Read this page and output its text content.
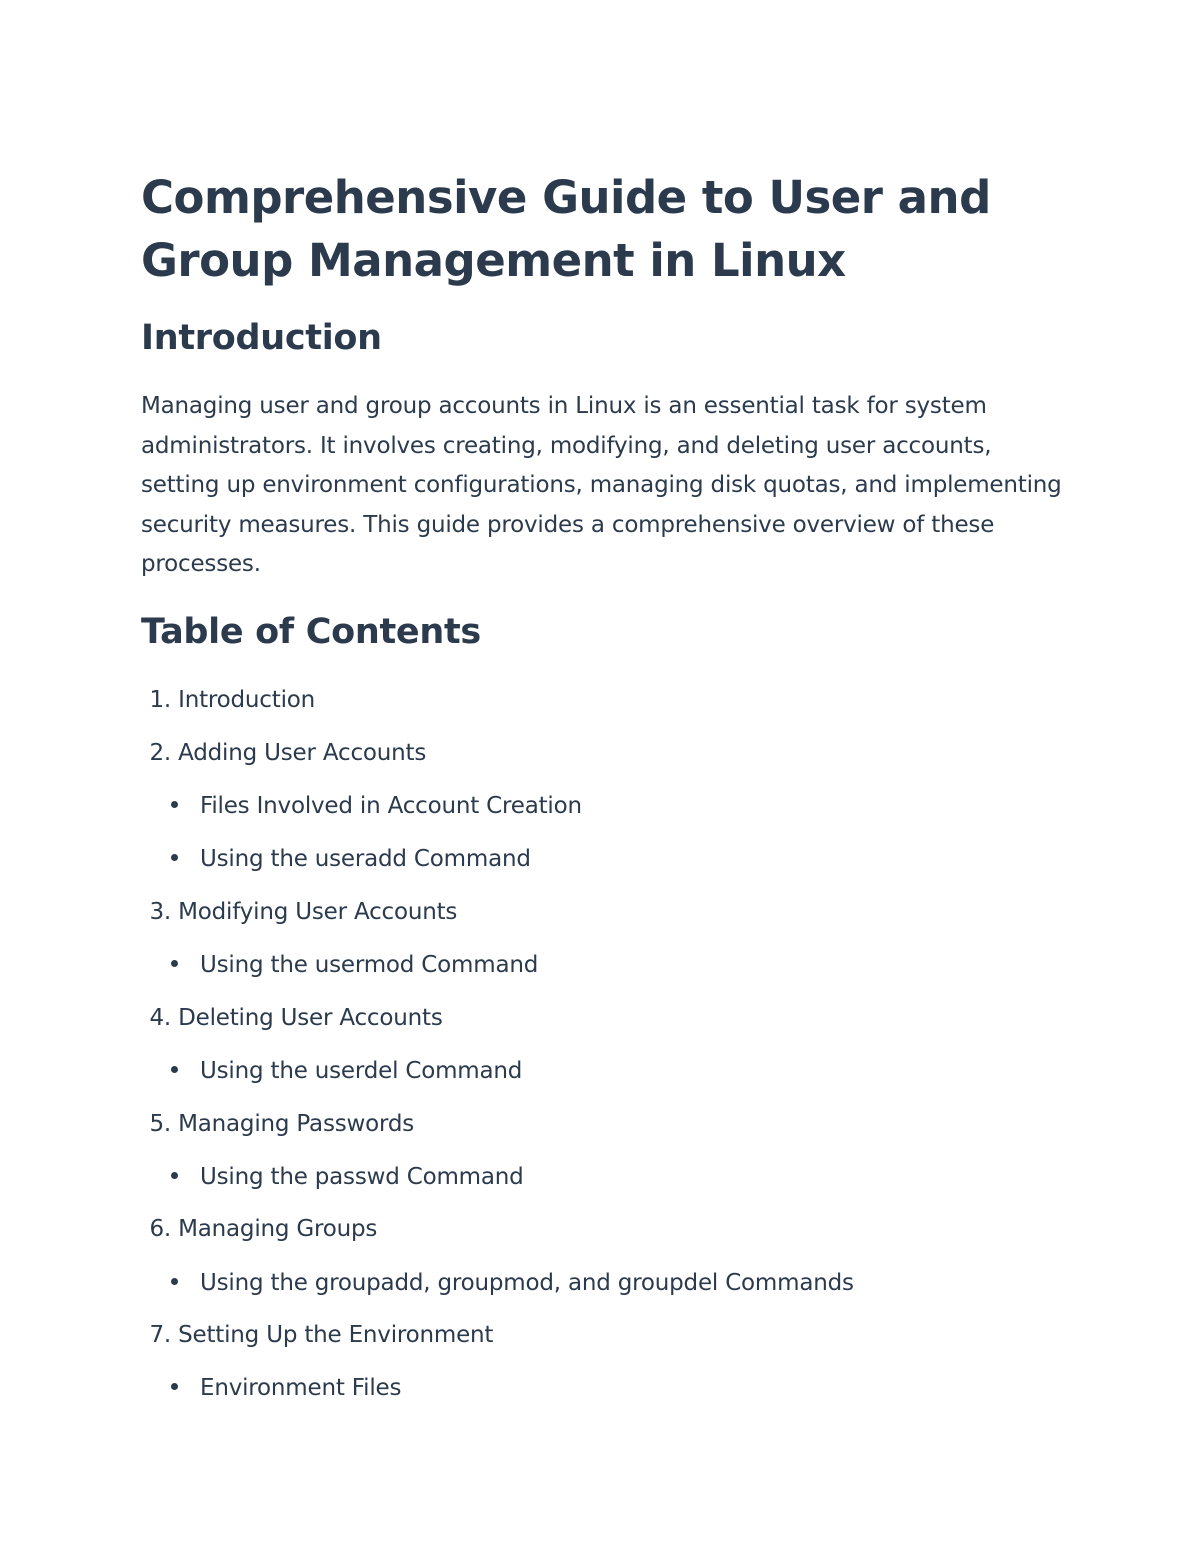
Comprehensive Guide to User and Group Management in Linux
Introduction

Managing user and group accounts in Linux is an essential task for system administrators. It involves creating, modifying, and deleting user accounts, setting up environment configurations, managing disk quotas, and implementing security measures. This guide provides a comprehensive overview of these processes.

Table of Contents
1. Introduction
2. Adding User Accounts
Files Involved in Account Creation
Using the useradd Command
3. Modifying User Accounts
Using the usermod Command
4. Deleting User Accounts
Using the userdel Command
5. Managing Passwords
Using the passwd Command
6. Managing Groups
Using the groupadd, groupmod, and groupdel Commands
7. Setting Up the Environment
Environment Files
